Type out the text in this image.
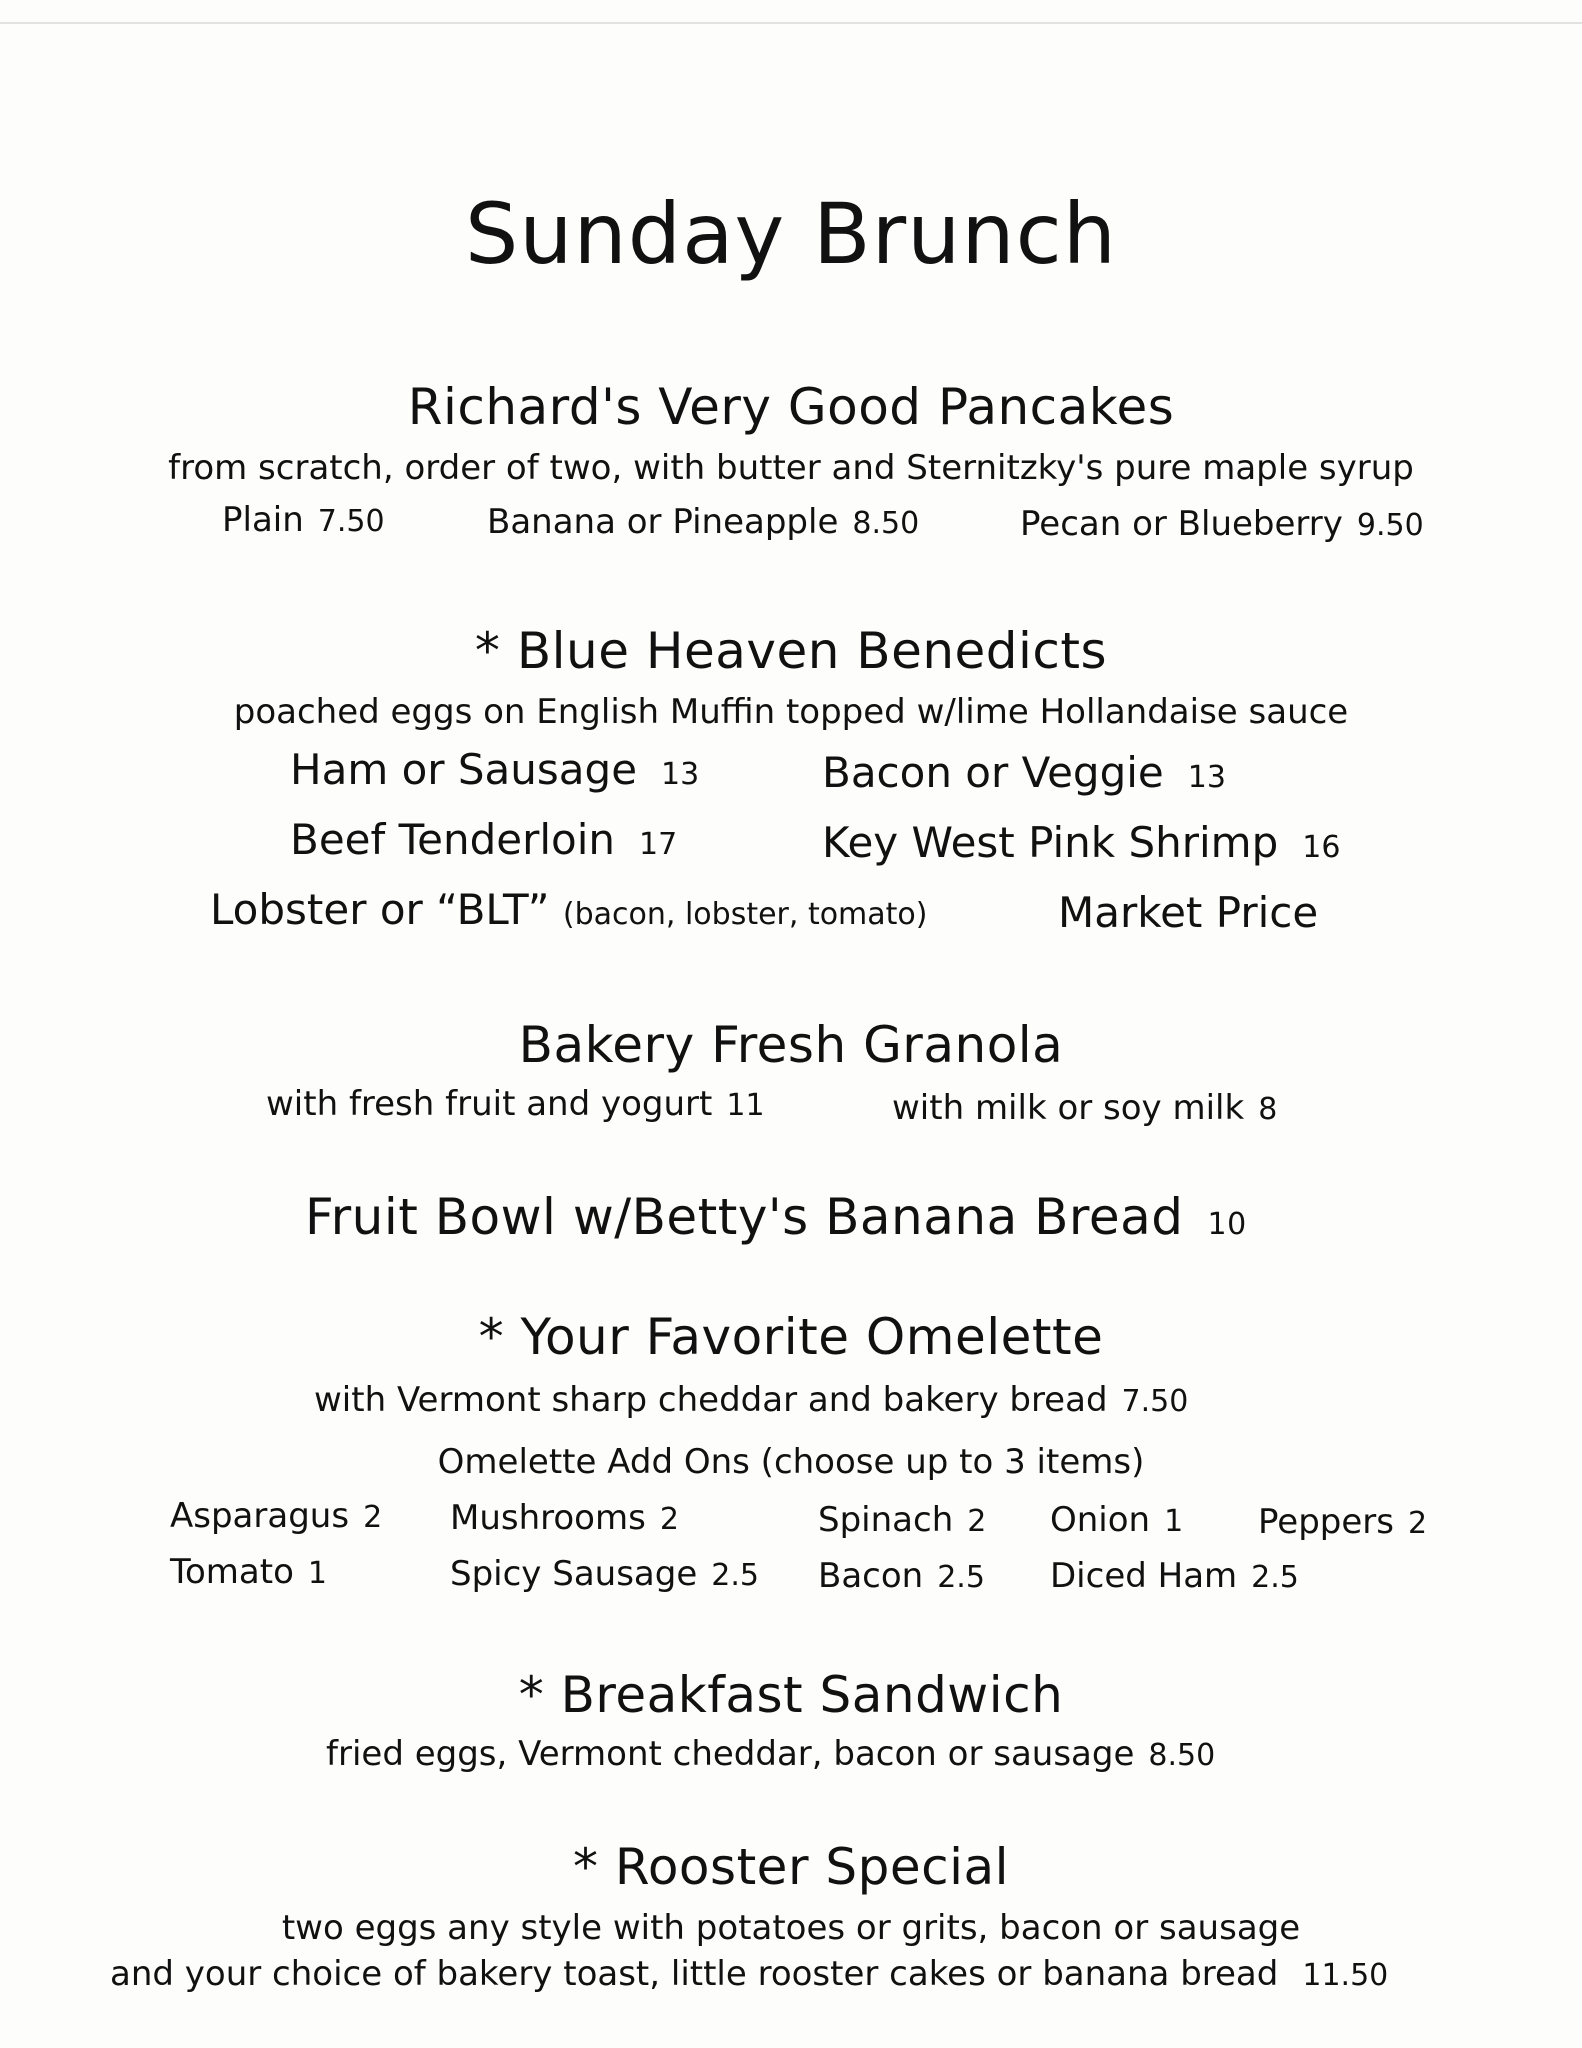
Sunday Brunch
Richard's Very Good Pancakes
from scratch, order of two, with butter and Sternitzky's pure maple syrup
Plain 7.50	Banana or Pineapple 8.50	Pecan or Blueberry 9.50
* Blue Heaven Benedicts
poached eggs on English Muffin topped w/lime Hollandaise sauce
Ham or Sausage 13	Bacon or Veggie 13
Beef Tenderloin 17	Key West Pink Shrimp 16
Lobster or “BLT” (bacon, lobster, tomato)	Market Price
Bakery Fresh Granola
with fresh fruit and yogurt 11	with milk or soy milk 8
Fruit Bowl w/Betty's Banana Bread 10
* Your Favorite Omelette
with Vermont sharp cheddar and bakery bread 7.50
Omelette Add Ons (choose up to 3 items)
Asparagus 2 Mushrooms 2	Spinach 2 Onion 1 Peppers 2
Tomato 1	Spicy Sausage 2.5 Bacon 2.5 Diced Ham 2.5
* Breakfast Sandwich
fried eggs, Vermont cheddar, bacon or sausage 8.50
* Rooster Special
two eggs any style with potatoes or grits, bacon or sausage
and your choice of bakery toast, little rooster cakes or banana bread 11.50
